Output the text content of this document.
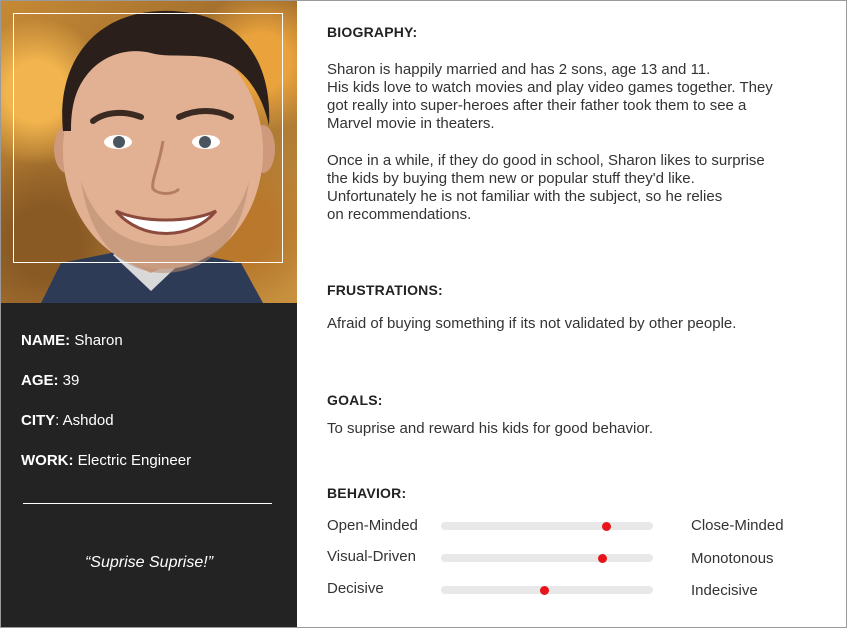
NAME: Sharon
AGE: 39
CITY: Ashdod
WORK: Electric Engineer
“Suprise Suprise!”
BIOGRAPHY:
Sharon is happily married and has 2 sons, age 13 and 11.
His kids love to watch movies and play video games together. They
got really into super-heroes after their father took them to see a
Marvel movie in theaters.
Once in a while, if they do good in school, Sharon likes to surprise
the kids by buying them new or popular stuff they'd like.
Unfortunately he is not familiar with the subject, so he relies
on recommendations.
FRUSTRATIONS:
Afraid of buying something if its not validated by other people.
GOALS:
To suprise and reward his kids for good behavior.
BEHAVIOR:
Open-Minded	Close-Minded
Visual-Driven	Monotonous
Decisive	Indecisive
